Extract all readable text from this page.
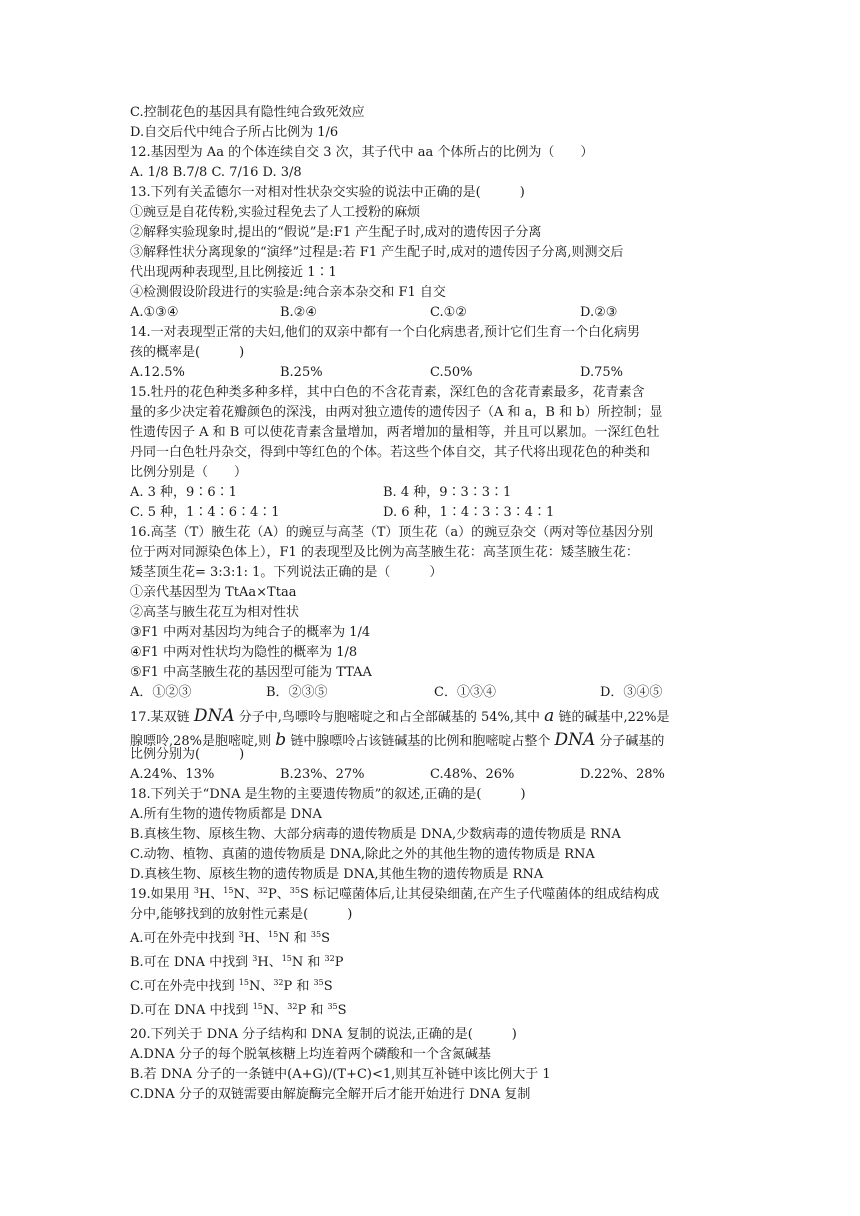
C.控制花色的基因具有隐性纯合致死效应
D.自交后代中纯合子所占比例为 1/6
12.基因型为 Aa 的个体连续自交 3 次，其子代中 aa 个体所占的比例为（　　）
A. 1/8 B.7/8 C. 7/16 D. 3/8
13.下列有关孟德尔一对相对性状杂交实验的说法中正确的是(　　　)
①豌豆是自花传粉,实验过程免去了人工授粉的麻烦
②解释实验现象时,提出的“假说”是:F1 产生配子时,成对的遗传因子分离
③解释性状分离现象的“演绎”过程是:若 F1 产生配子时,成对的遗传因子分离,则测交后
代出现两种表现型,且比例接近 1∶1
④检测假设阶段进行的实验是:纯合亲本杂交和 F1 自交
A.①③④	B.②④	C.①②	D.②③
14.一对表现型正常的夫妇,他们的双亲中都有一个白化病患者,预计它们生育一个白化病男
孩的概率是(　　　)
A.12.5%	B.25%	C.50%	D.75%
15.牡丹的花色种类多种多样，其中白色的不含花青素，深红色的含花青素最多，花青素含
量的多少决定着花瓣颜色的深浅，由两对独立遗传的遗传因子（A 和 a，B 和 b）所控制；显
性遗传因子 A 和 B 可以使花青素含量增加，两者增加的量相等，并且可以累加。一深红色牡
丹同一白色牡丹杂交，得到中等红色的个体。若这些个体自交，其子代将出现花色的种类和
比例分别是（　　）
A. 3 种，9∶6∶1	B. 4 种，9∶3∶3∶1
C. 5 种，1∶4∶6∶4∶1	D. 6 种，1∶4∶3∶3∶4∶1
16.高茎（T）腋生花（A）的豌豆与高茎（T）顶生花（a）的豌豆杂交（两对等位基因分别
位于两对同源染色体上），F1 的表现型及比例为高茎腋生花：高茎顶生花：矮茎腋生花：
矮茎顶生花= 3:3:1: 1。下列说法正确的是（　　　）
①亲代基因型为 TtAa×Ttaa
②高茎与腋生花互为相对性状
③F1 中两对基因均为纯合子的概率为 1/4
④F1 中两对性状均为隐性的概率为 1/8
⑤F1 中高茎腋生花的基因型可能为 TTAA
A．①②③	B．②③⑤	C．①③④	D．③④⑤
17.某双链 DNA 分子中,鸟嘌呤与胞嘧啶之和占全部碱基的 54%,其中 a 链的碱基中,22%是
腺嘌呤,28%是胞嘧啶,则 b 链中腺嘌呤占该链碱基的比例和胞嘧啶占整个 DNA 分子碱基的
比例分别为(　　　)
A.24%、13%	B.23%、27%	C.48%、26%	D.22%、28%
18.下列关于“DNA 是生物的主要遗传物质”的叙述,正确的是(　　　)
A.所有生物的遗传物质都是 DNA
B.真核生物、原核生物、大部分病毒的遗传物质是 DNA,少数病毒的遗传物质是 RNA
C.动物、植物、真菌的遗传物质是 DNA,除此之外的其他生物的遗传物质是 RNA
D.真核生物、原核生物的遗传物质是 DNA,其他生物的遗传物质是 RNA
19.如果用 $^3$H、$^{15}$N、$^{32}$P、$^{35}$S 标记噬菌体后,让其侵染细菌,在产生子代噬菌体的组成结构成
分中,能够找到的放射性元素是(　　　)
A.可在外壳中找到 $^3$H、$^{15}$N 和 $^{35}$S
B.可在 DNA 中找到 $^3$H、$^{15}$N 和 $^{32}$P
C.可在外壳中找到 $^{15}$N、$^{32}$P 和 $^{35}$S
D.可在 DNA 中找到 $^{15}$N、$^{32}$P 和 $^{35}$S
20.下列关于 DNA 分子结构和 DNA 复制的说法,正确的是(　　　)
A.DNA 分子的每个脱氧核糖上均连着两个磷酸和一个含氮碱基
B.若 DNA 分子的一条链中(A+G)/(T+C)<1,则其互补链中该比例大于 1
C.DNA 分子的双链需要由解旋酶完全解开后才能开始进行 DNA 复制
